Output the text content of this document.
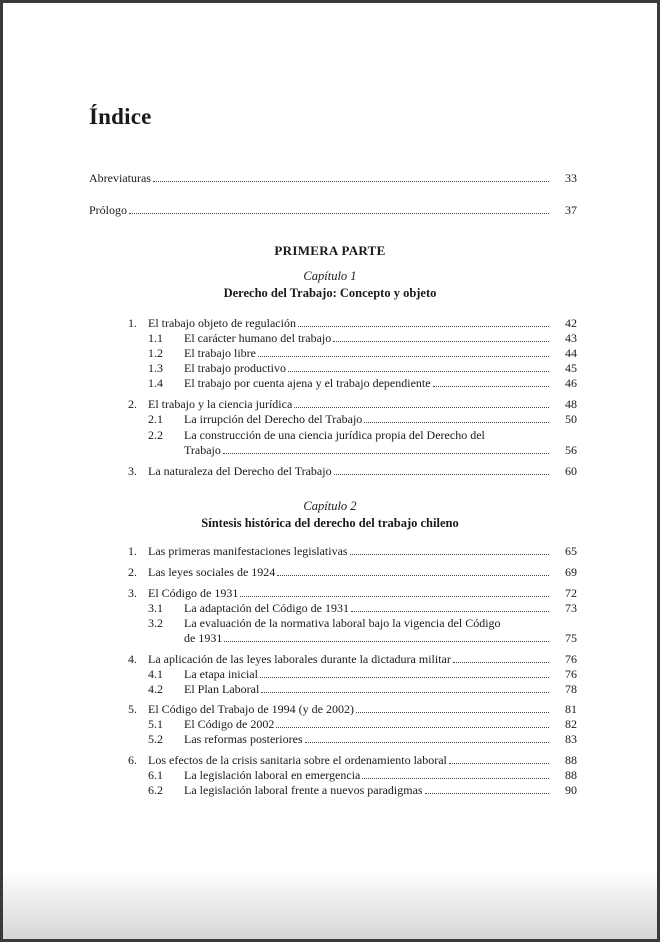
Índice
Abreviaturas	33
Prólogo	37
PRIMERA PARTE
Capítulo 1
Derecho del Trabajo: Concepto y objeto
1. El trabajo objeto de regulación	42
1.1	El carácter humano del trabajo	43
1.2	El trabajo libre	44
1.3	El trabajo productivo	45
1.4	El trabajo por cuenta ajena y el trabajo dependiente	46
2. El trabajo y la ciencia jurídica	48
2.1	La irrupción del Derecho del Trabajo	50
2.2 La construcción de una ciencia jurídica propia del Derecho del
Trabajo	56
3. La naturaleza del Derecho del Trabajo	60
Capítulo 2
Síntesis histórica del derecho del trabajo chileno
1. Las primeras manifestaciones legislativas	65
2. Las leyes sociales de 1924	69
3. El Código de 1931	72
3.1	La adaptación del Código de 1931	73
3.2 La evaluación de la normativa laboral bajo la vigencia del Código
de 1931	75
4. La aplicación de las leyes laborales durante la dictadura militar	76
4.1	La etapa inicial	76
4.2	El Plan Laboral	78
5. El Código del Trabajo de 1994 (y de 2002)	81
5.1	El Código de 2002	82
5.2	Las reformas posteriores	83
6. Los efectos de la crisis sanitaria sobre el ordenamiento laboral	88
6.1	La legislación laboral en emergencia	88
6.2	La legislación laboral frente a nuevos paradigmas	90
